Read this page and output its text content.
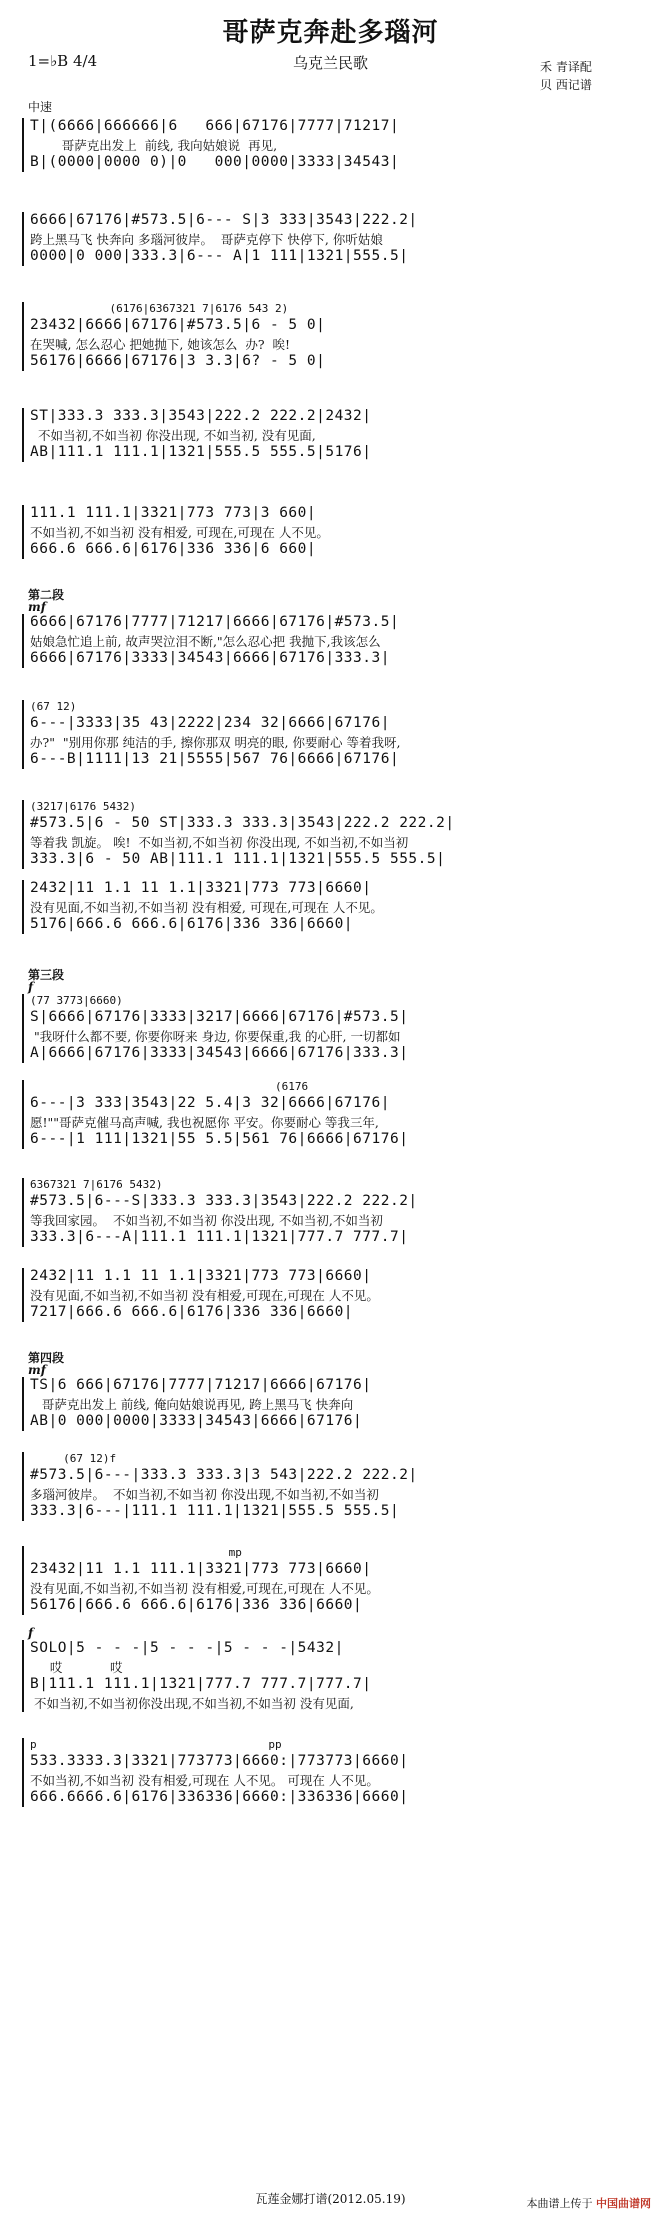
哥萨克奔赴多瑙河
1=♭B 4/4	乌克兰民歌	禾 青译配
贝 西记谱
中速
T|(6666|666666|6   666|67176|7777|71217|
哥萨克出发上  前线, 我向姑娘说  再见,
B|(0000|0000 0)|0   000|0000|3333|34543|
6666|67176|#573.5|6--- S|3 333|3543|222.2|
跨上黑马飞 快奔向 多瑙河彼岸。  哥萨克停下 快停下, 你听姑娘
0000|0 000|333.3|6--- A|1 111|1321|555.5|
(6176|6367321 7|6176 543 2)
23432|6666|67176|#573.5|6 - 5 0|
在哭喊, 怎么忍心 把她抛下, 她该怎么  办?  唉!
56176|6666|67176|3 3.3|6? - 5 0|
ST|333.3 333.3|3543|222.2 222.2|2432|
不如当初,不如当初 你没出现, 不如当初, 没有见面,
AB|111.1 111.1|1321|555.5 555.5|5176|
111.1 111.1|3321|773 773|3 660|
不如当初,不如当初 没有相爱, 可现在,可现在 人不见。
666.6 666.6|6176|336 336|6 660|
第二段
mf
6666|67176|7777|71217|6666|67176|#573.5|
姑娘急忙追上前, 故声哭泣泪不断,"怎么忍心把 我抛下,我该怎么
6666|67176|3333|34543|6666|67176|333.3|
(67 12)
6---|3333|35 43|2222|234 32|6666|67176|
办?"  "别用你那 纯洁的手, 擦你那双 明亮的眼, 你要耐心 等着我呀,
6---B|1111|13 21|5555|567 76|6666|67176|
(3217|6176 5432)
#573.5|6 - 50 ST|333.3 333.3|3543|222.2 222.2|
等着我 凯旋。 唉!  不如当初,不如当初 你没出现, 不如当初,不如当初
333.3|6 - 50 AB|111.1 111.1|1321|555.5 555.5|
2432|11 1.1 11 1.1|3321|773 773|6660|
没有见面,不如当初,不如当初 没有相爱, 可现在,可现在 人不见。
5176|666.6 666.6|6176|336 336|6660|
第三段
f
(77 3773|6660)
S|6666|67176|3333|3217|6666|67176|#573.5|
"我呀什么都不要, 你要你呀来 身边, 你要保重,我 的心肝, 一切都如
A|6666|67176|3333|34543|6666|67176|333.3|
(6176
6---|3 333|3543|22 5.4|3 32|6666|67176|
愿!""哥萨克催马高声喊, 我也祝愿你 平安。你要耐心 等我三年,
6---|1 111|1321|55 5.5|561 76|6666|67176|
6367321 7|6176 5432)
#573.5|6---S|333.3 333.3|3543|222.2 222.2|
等我回家园。  不如当初,不如当初 你没出现, 不如当初,不如当初
333.3|6---A|111.1 111.1|1321|777.7 777.7|
2432|11 1.1 11 1.1|3321|773 773|6660|
没有见面,不如当初,不如当初 没有相爱,可现在,可现在 人不见。
7217|666.6 666.6|6176|336 336|6660|
第四段
mf
TS|6 666|67176|7777|71217|6666|67176|
哥萨克出发上 前线, 俺向姑娘说再见, 跨上黑马飞 快奔向
AB|0 000|0000|3333|34543|6666|67176|
(67 12)f
#573.5|6---|333.3 333.3|3 543|222.2 222.2|
多瑙河彼岸。  不如当初,不如当初 你没出现,不如当初,不如当初
333.3|6---|111.1 111.1|1321|555.5 555.5|
mp
23432|11 1.1 111.1|3321|773 773|6660|
没有见面,不如当初,不如当初 没有相爱,可现在,可现在 人不见。
56176|666.6 666.6|6176|336 336|6660|
f
SOLO|5 - - -|5 - - -|5 - - -|5432|
哎            哎
B|111.1 111.1|1321|777.7 777.7|777.7|
不如当初,不如当初你没出现,不如当初,不如当初 没有见面,
p                                   pp
533.3333.3|3321|773773|6660:|773773|6660|
不如当初,不如当初 没有相爱,可现在 人不见。 可现在 人不见。
666.6666.6|6176|336336|6660:|336336|6660|
瓦莲金娜打谱(2012.05.19)	本曲谱上传于 中国曲谱网
